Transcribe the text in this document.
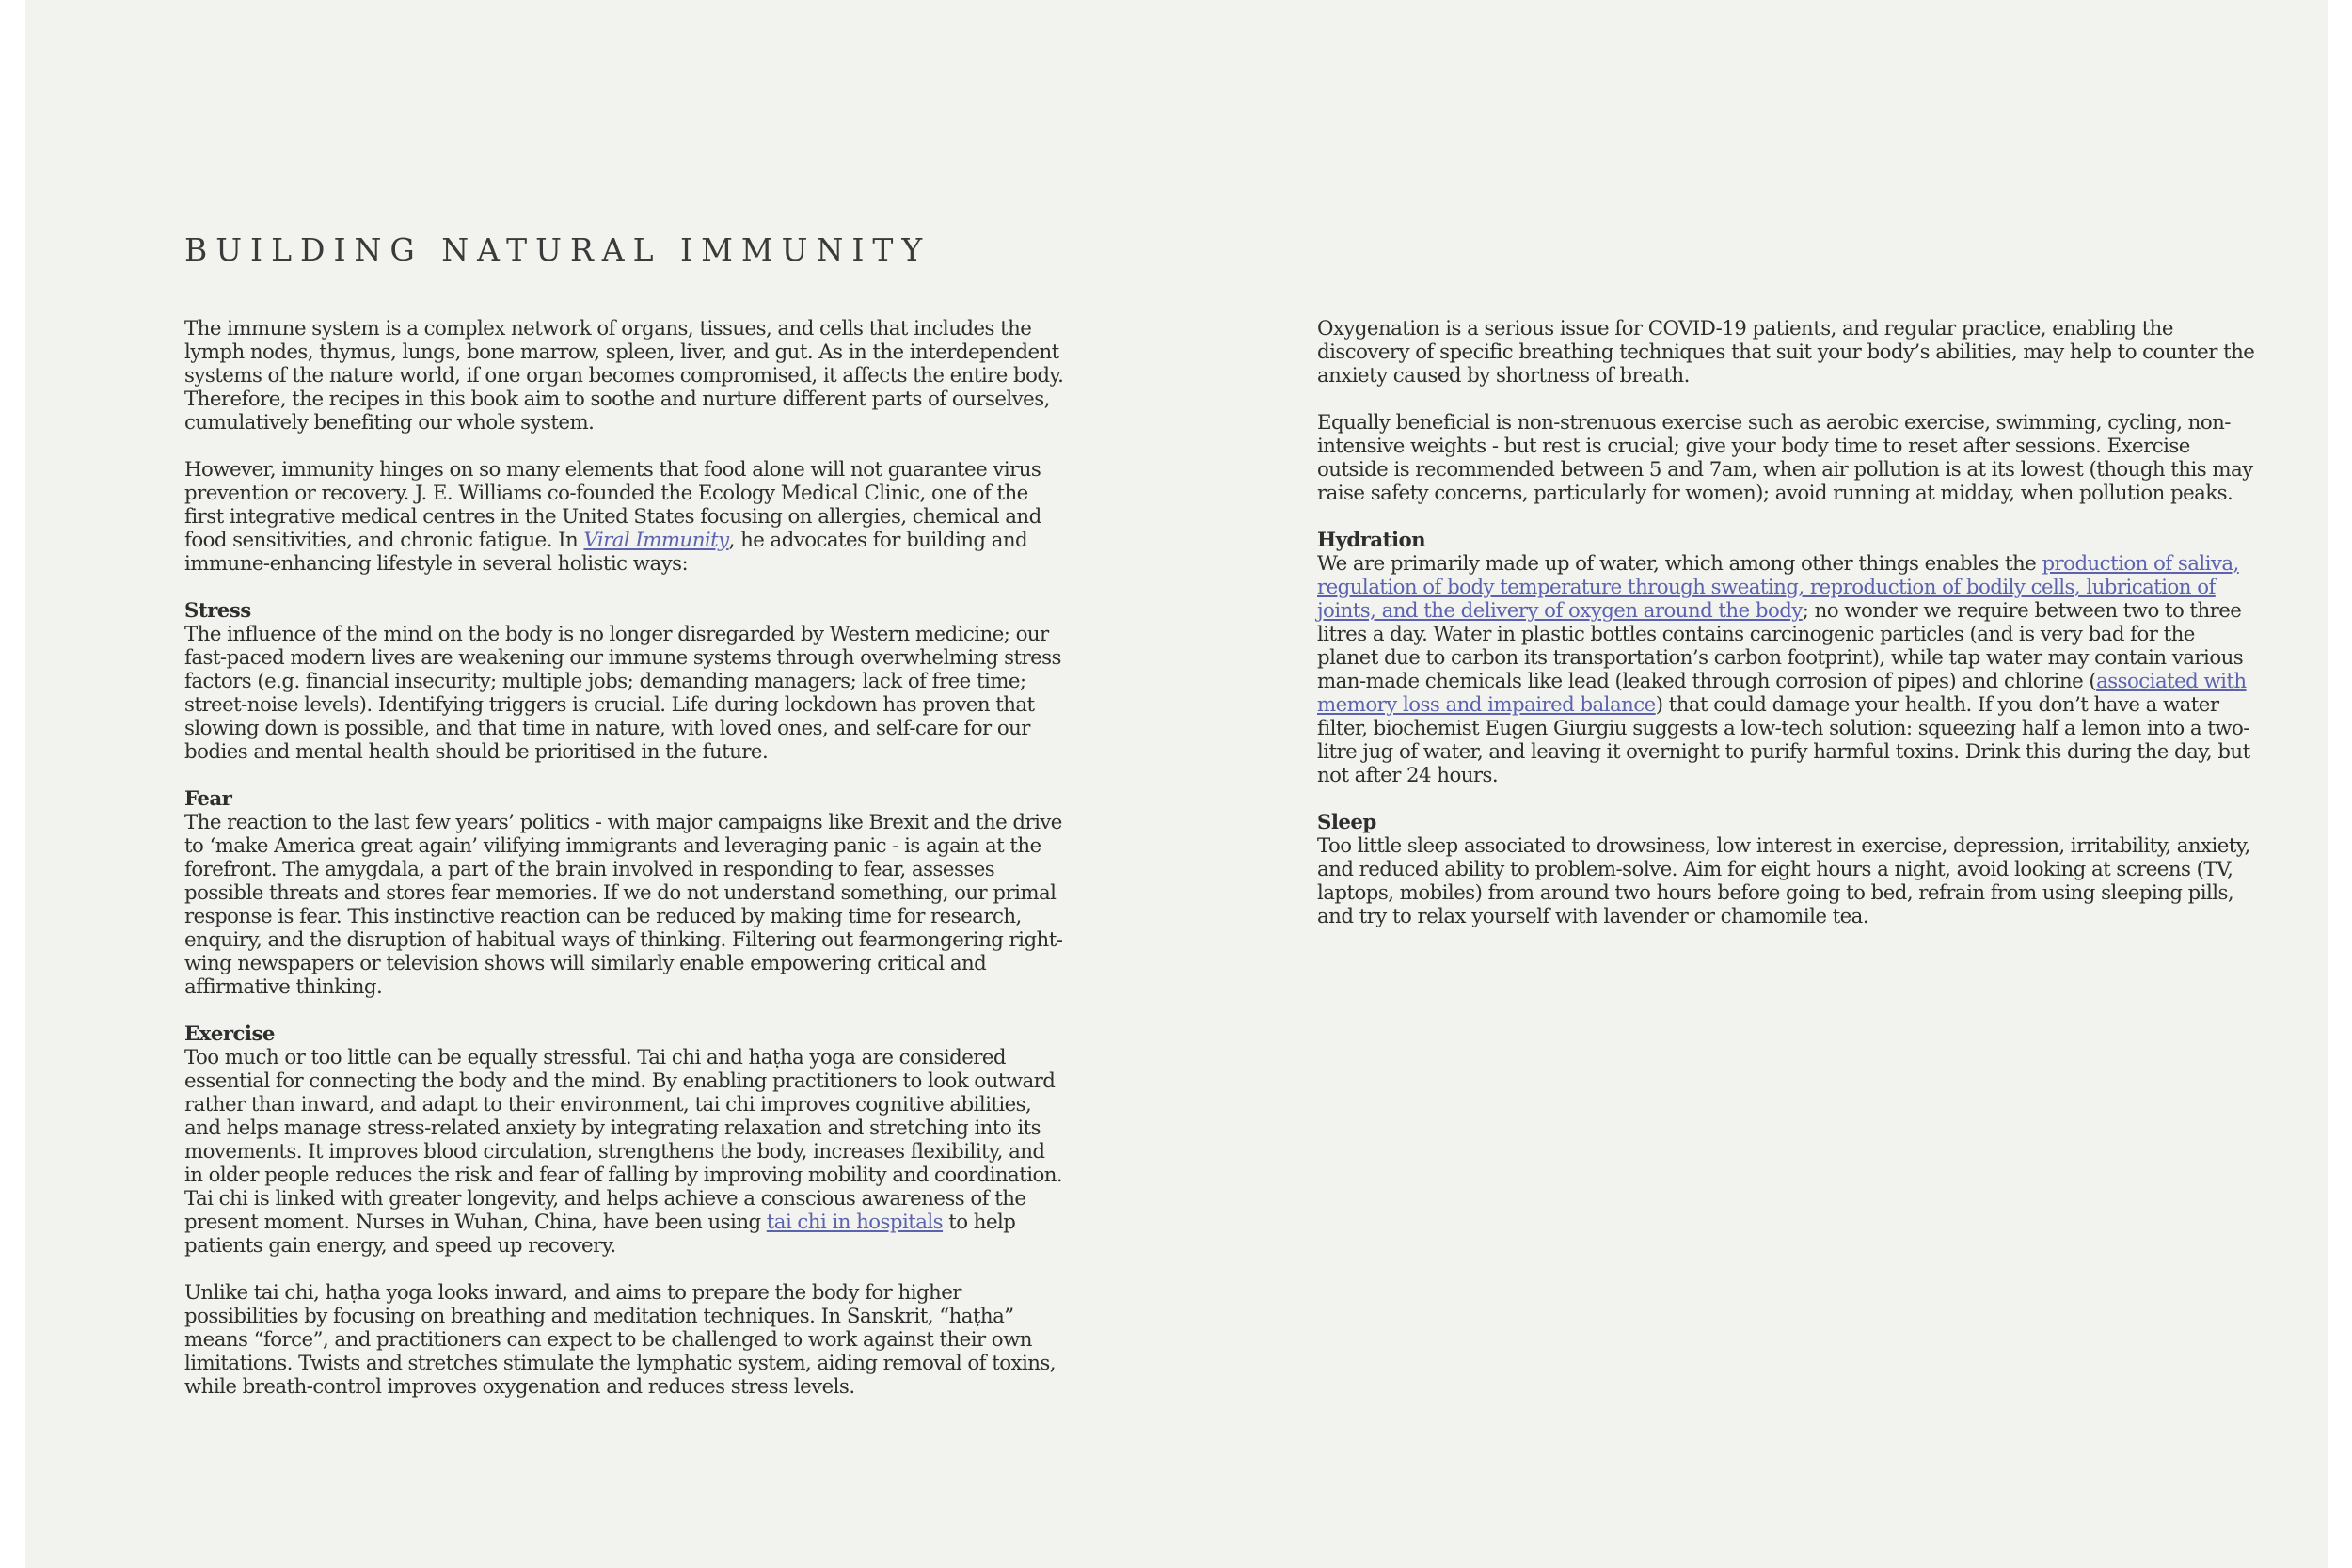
BUILDING NATURAL IMMUNITY

The immune system is a complex network of organs, tissues, and cells that includes the lymph nodes, thymus, lungs, bone marrow, spleen, liver, and gut. As in the interdependent systems of the nature world, if one organ becomes compromised, it affects the entire body. Therefore, the recipes in this book aim to soothe and nurture different parts of ourselves, cumulatively benefiting our whole system.

However, immunity hinges on so many elements that food alone will not guarantee virus prevention or recovery. J. E. Williams co-founded the Ecology Medical Clinic, one of the first integrative medical centres in the United States focusing on allergies, chemical and food sensitivities, and chronic fatigue. In Viral Immunity, he advocates for building and immune-enhancing lifestyle in several holistic ways:

Stress

The influence of the mind on the body is no longer disregarded by Western medicine; our fast-paced modern lives are weakening our immune systems through overwhelming stress factors (e.g. financial insecurity; multiple jobs; demanding managers; lack of free time; street-noise levels). Identifying triggers is crucial. Life during lockdown has proven that slowing down is possible, and that time in nature, with loved ones, and self-care for our bodies and mental health should be prioritised in the future.

Fear

The reaction to the last few years’ politics - with major campaigns like Brexit and the drive to ‘make America great again’ vilifying immigrants and leveraging panic - is again at the forefront. The amygdala, a part of the brain involved in responding to fear, assesses possible threats and stores fear memories. If we do not understand something, our primal response is fear. This instinctive reaction can be reduced by making time for research, enquiry, and the disruption of habitual ways of thinking. Filtering out fearmongering right-wing newspapers or television shows will similarly enable empowering critical and affirmative thinking.

Exercise

Too much or too little can be equally stressful. Tai chi and haṭha yoga are considered essential for connecting the body and the mind. By enabling practitioners to look outward rather than inward, and adapt to their environment, tai chi improves cognitive abilities, and helps manage stress-related anxiety by integrating relaxation and stretching into its movements. It improves blood circulation, strengthens the body, increases flexibility, and in older people reduces the risk and fear of falling by improving mobility and coordination. Tai chi is linked with greater longevity, and helps achieve a conscious awareness of the present moment. Nurses in Wuhan, China, have been using tai chi in hospitals to help patients gain energy, and speed up recovery.

Unlike tai chi, haṭha yoga looks inward, and aims to prepare the body for higher possibilities by focusing on breathing and meditation techniques. In Sanskrit, “haṭha” means “force”, and practitioners can expect to be challenged to work against their own limitations. Twists and stretches stimulate the lymphatic system, aiding removal of toxins, while breath-control improves oxygenation and reduces stress levels.

Oxygenation is a serious issue for COVID-19 patients, and regular practice, enabling the discovery of specific breathing techniques that suit your body’s abilities, may help to counter the anxiety caused by shortness of breath.

Equally beneficial is non-strenuous exercise such as aerobic exercise, swimming, cycling, non-intensive weights - but rest is crucial; give your body time to reset after sessions. Exercise outside is recommended between 5 and 7am, when air pollution is at its lowest (though this may raise safety concerns, particularly for women); avoid running at midday, when pollution peaks.

Hydration

We are primarily made up of water, which among other things enables the production of saliva, regulation of body temperature through sweating, reproduction of bodily cells, lubrication of joints, and the delivery of oxygen around the body; no wonder we require between two to three litres a day. Water in plastic bottles contains carcinogenic particles (and is very bad for the planet due to carbon its transportation’s carbon footprint), while tap water may contain various man-made chemicals like lead (leaked through corrosion of pipes) and chlorine (associated with memory loss and impaired balance) that could damage your health. If you don’t have a water filter, biochemist Eugen Giurgiu suggests a low-tech solution: squeezing half a lemon into a two-litre jug of water, and leaving it overnight to purify harmful toxins. Drink this during the day, but not after 24 hours.

Sleep

Too little sleep associated to drowsiness, low interest in exercise, depression, irritability, anxiety, and reduced ability to problem-solve. Aim for eight hours a night, avoid looking at screens (TV, laptops, mobiles) from around two hours before going to bed, refrain from using sleeping pills, and try to relax yourself with lavender or chamomile tea.
